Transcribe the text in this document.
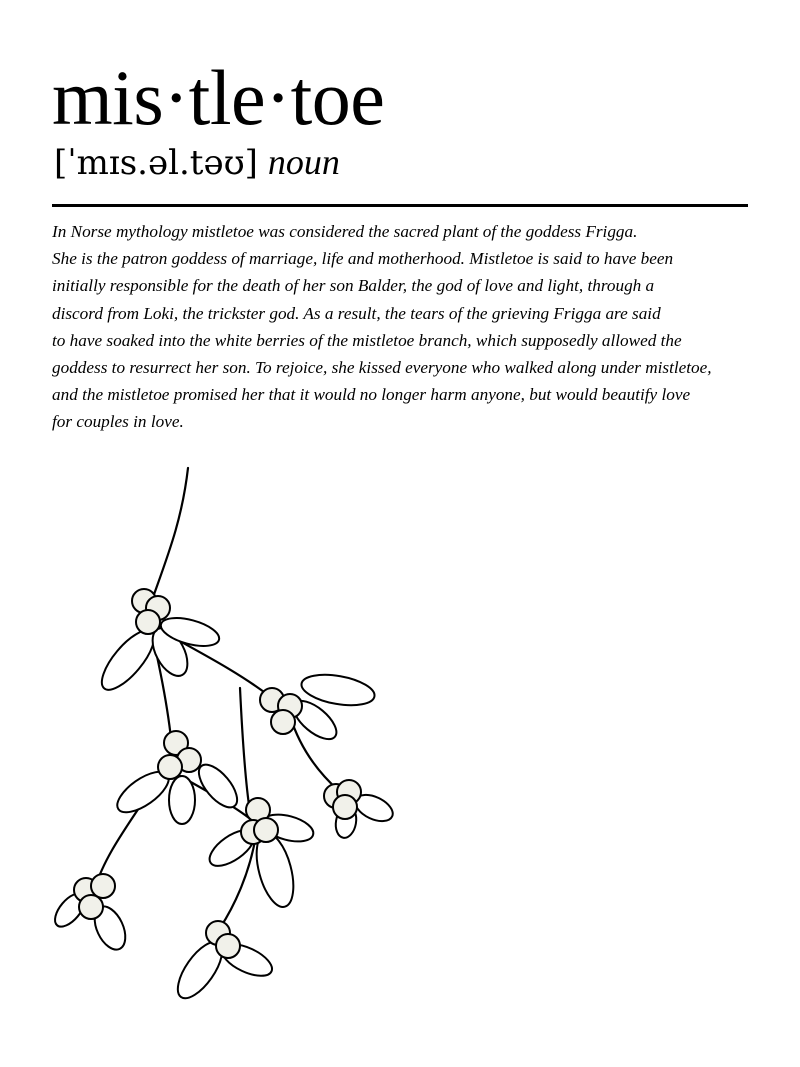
mis·tle·toe
[ˈmɪs.əl.təʊ] noun
In Norse mythology mistletoe was considered the sacred plant of the goddess Frigga.
She is the patron goddess of marriage, life and motherhood. Mistletoe is said to have been
initially responsible for the death of her son Balder, the god of love and light, through a
discord from Loki, the trickster god. As a result, the tears of the grieving Frigga are said
to have soaked into the white berries of the mistletoe branch, which supposedly allowed the
goddess to resurrect her son. To rejoice, she kissed everyone who walked along under mistletoe,
and the mistletoe promised her that it would no longer harm anyone, but would beautify love
for couples in love.
